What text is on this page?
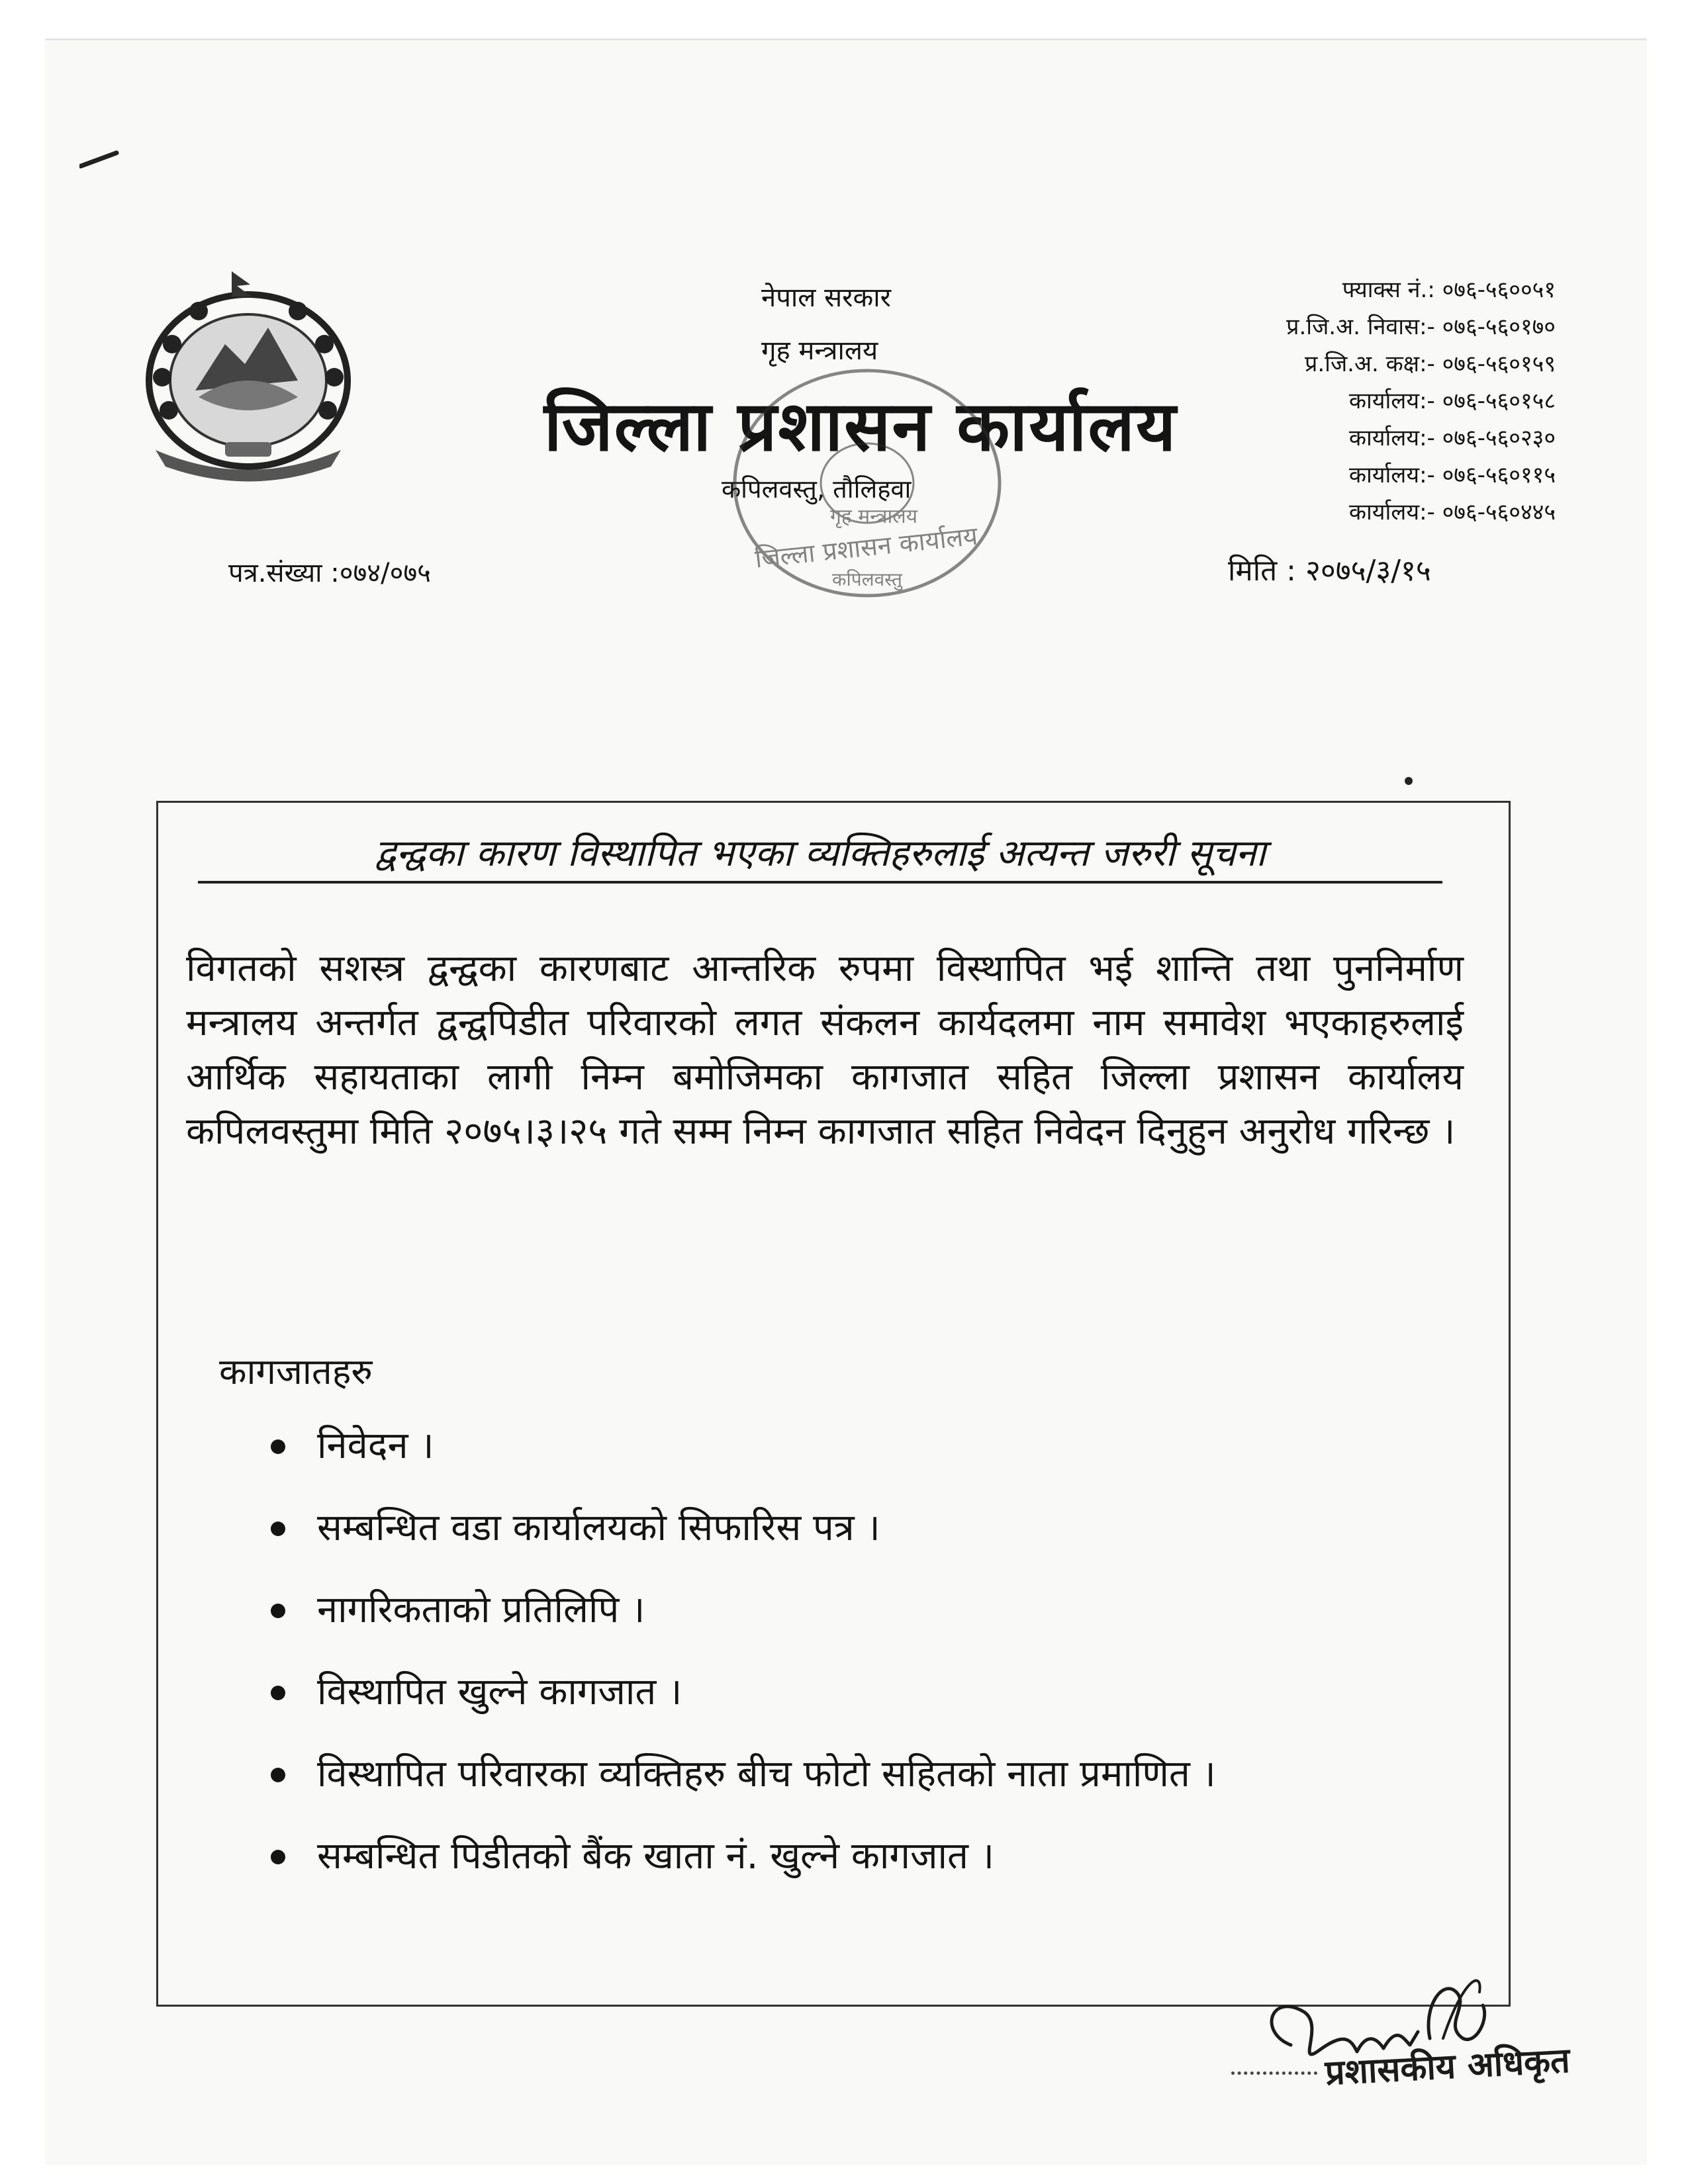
नेपाल सरकार
गृह मन्त्रालय
जिल्ला प्रशासन कार्यालय
कपिलवस्तु, तौलिहवा
गृह मन्त्रालय
जिल्ला प्रशासन कार्यालय
कपिलवस्तु
फ्याक्स नं.: ०७६-५६००५१
प्र.जि.अ. निवास:- ०७६-५६०१७०
प्र.जि.अ. कक्ष:- ०७६-५६०१५९
कार्यालय:- ०७६-५६०१५८
कार्यालय:- ०७६-५६०२३०
कार्यालय:- ०७६-५६०११५
कार्यालय:- ०७६-५६०४४५
पत्र.संख्या :०७४/०७५	मिति : २०७५/३/१५
द्वन्द्वका कारण विस्थापित भएका व्यक्तिहरुलाई अत्यन्त जरुरी सूचना
विगतको सशस्त्र द्वन्द्वका कारणबाट आन्तरिक रुपमा विस्थापित भई शान्ति तथा पुननिर्माण मन्त्रालय अन्तर्गत द्वन्द्वपिडीत परिवारको लगत संकलन कार्यदलमा नाम समावेश भएकाहरुलाई आर्थिक सहायताका लागी निम्न बमोजिमका कागजात सहित जिल्ला प्रशासन कार्यालय कपिलवस्तुमा मिति २०७५।३।२५ गते सम्म निम्न कागजात सहित निवेदन दिनुहुन अनुरोध गरिन्छ ।
कागजातहरु
निवेदन ।
सम्बन्धित वडा कार्यालयको सिफारिस पत्र ।
नागरिकताको प्रतिलिपि ।
विस्थापित खुल्ने कागजात ।
विस्थापित परिवारका व्यक्तिहरु बीच फोटो सहितको नाता प्रमाणित ।
सम्बन्धित पिडीतको बैंक खाता नं. खुल्ने कागजात ।
प्रशासकीय अधिकृत
